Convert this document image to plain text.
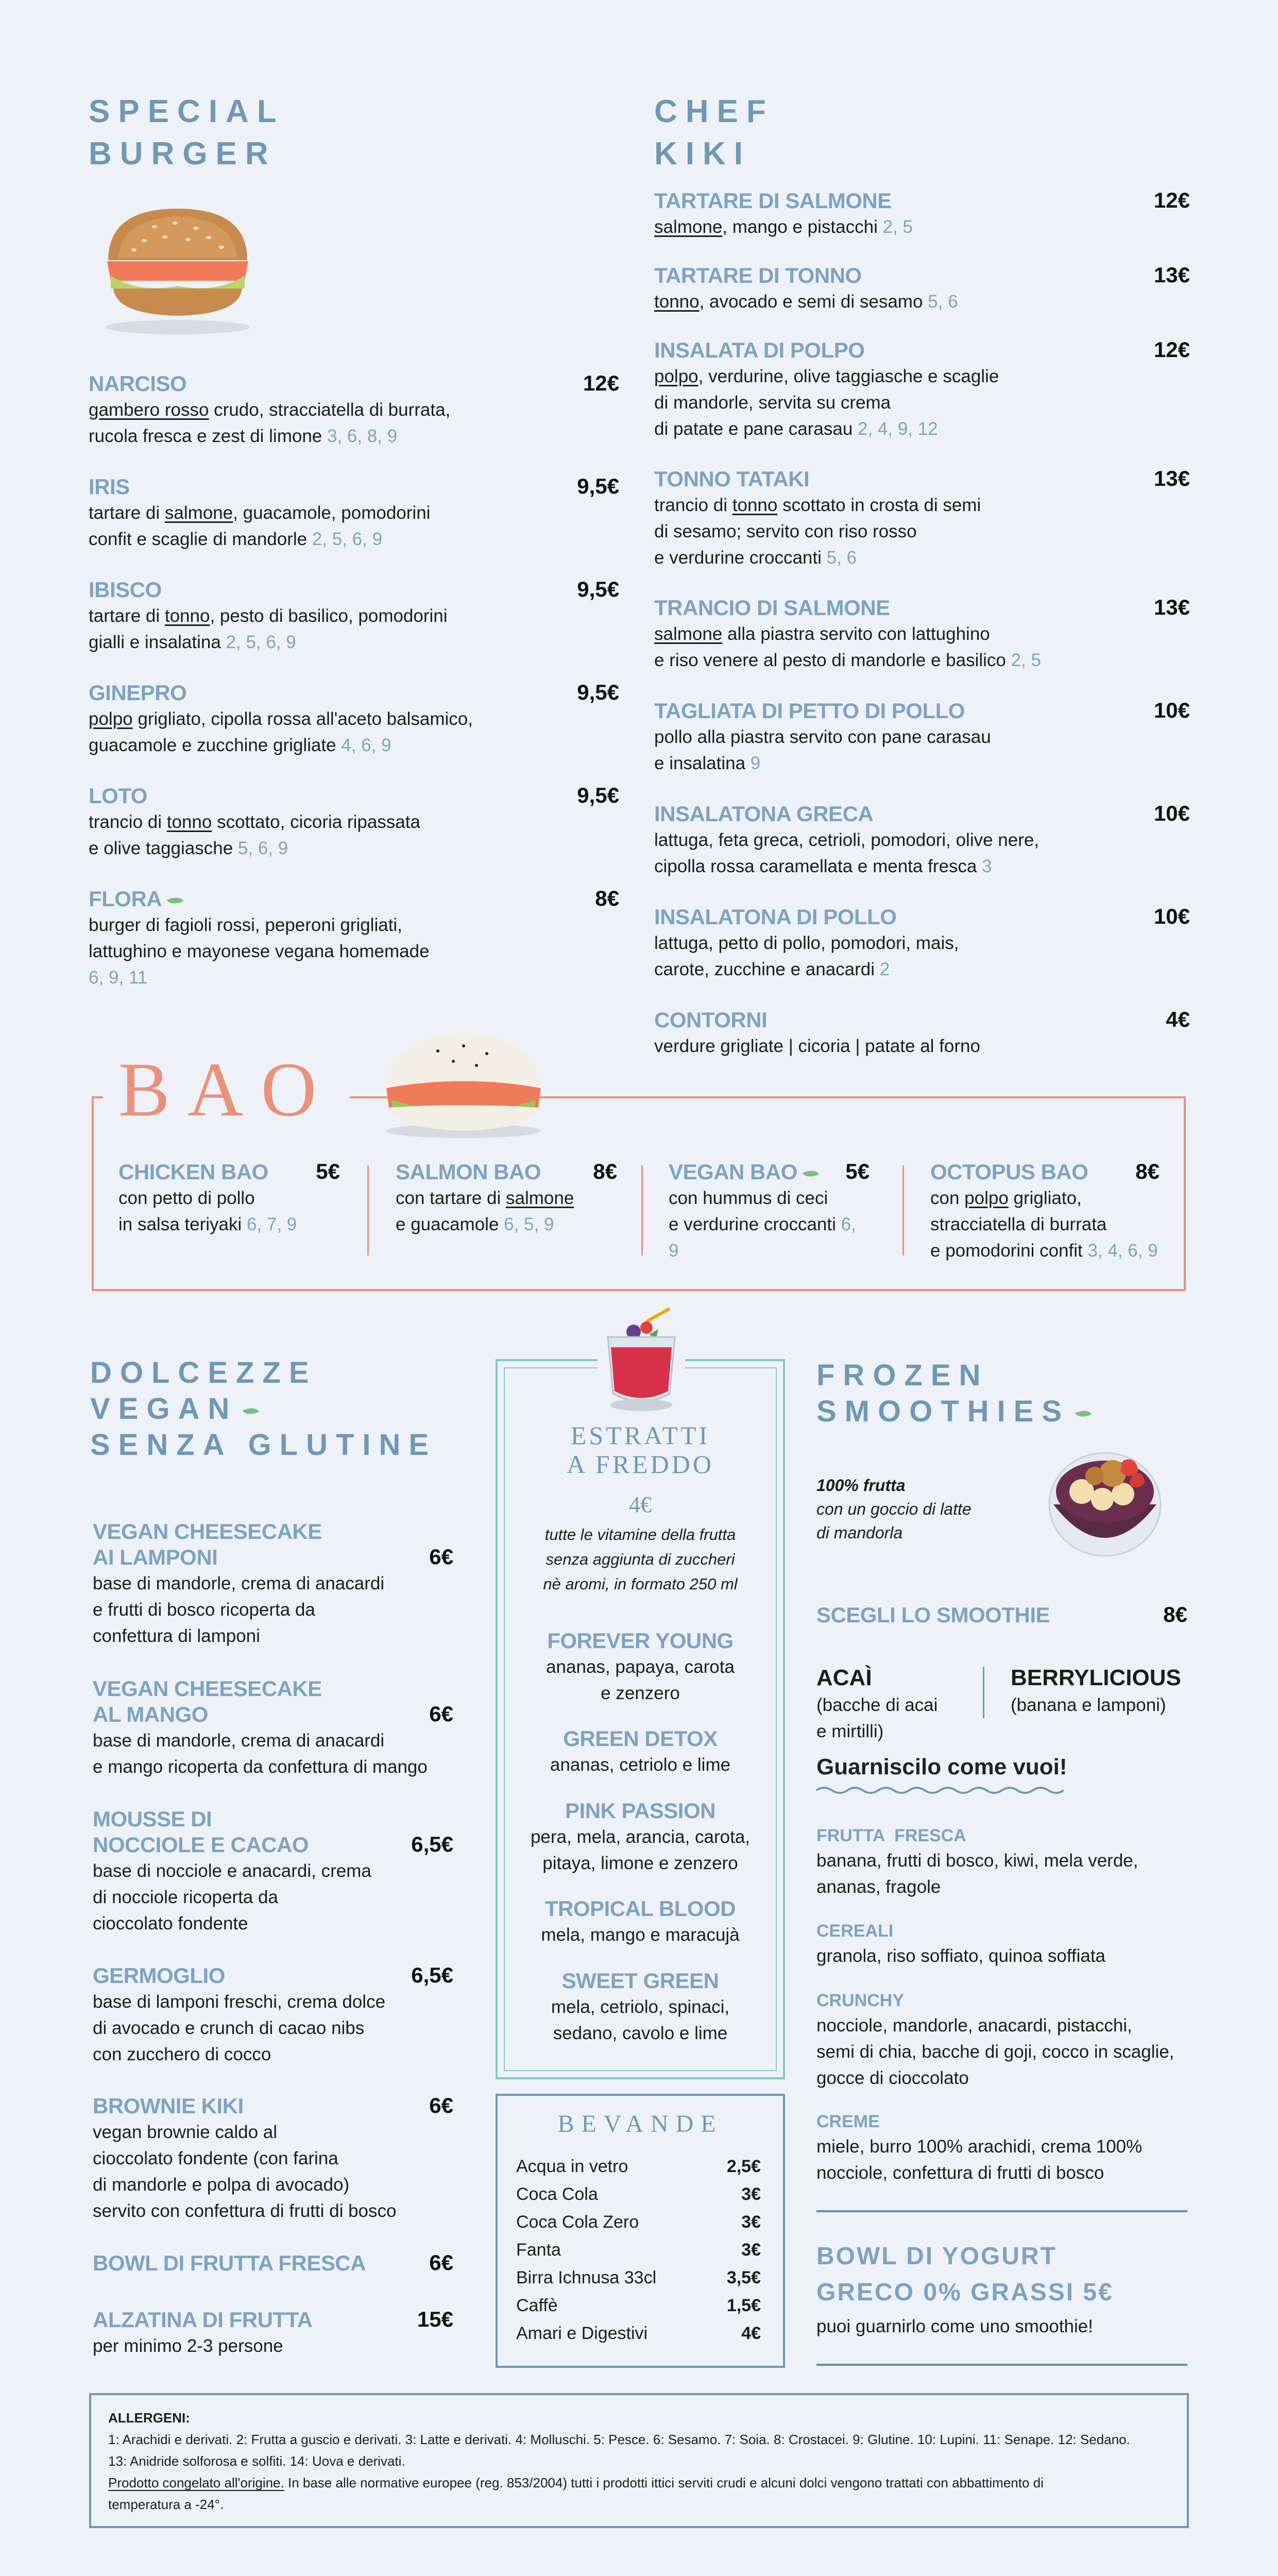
SPECIAL
BURGER
NARCISO	12€
gambero rosso crudo, stracciatella di burrata,
rucola fresca e zest di limone 3, 6, 8, 9
IRIS	9,5€
tartare di salmone, guacamole, pomodorini
confit e scaglie di mandorle 2, 5, 6, 9
IBISCO	9,5€
tartare di tonno, pesto di basilico, pomodorini
gialli e insalatina 2, 5, 6, 9
GINEPRO	9,5€
polpo grigliato, cipolla rossa all'aceto balsamico,
guacamole e zucchine grigliate 4, 6, 9
LOTO	9,5€
trancio di tonno scottato, cicoria ripassata
e olive taggiasche 5, 6, 9
FLORA	8€
burger di fagioli rossi, peperoni grigliati,
lattughino e mayonese vegana homemade
6, 9, 11
CHEF
KIKI
TARTARE DI SALMONE	12€
salmone, mango e pistacchi 2, 5
TARTARE DI TONNO	13€
tonno, avocado e semi di sesamo 5, 6
INSALATA DI POLPO	12€
polpo, verdurine, olive taggiasche e scaglie
di mandorle, servita su crema
di patate e pane carasau 2, 4, 9, 12
TONNO TATAKI	13€
trancio di tonno scottato in crosta di semi
di sesamo; servito con riso rosso
e verdurine croccanti 5, 6
TRANCIO DI SALMONE	13€
salmone alla piastra servito con lattughino
e riso venere al pesto di mandorle e basilico 2, 5
TAGLIATA DI PETTO DI POLLO	10€
pollo alla piastra servito con pane carasau
e insalatina 9
INSALATONA GRECA	10€
lattuga, feta greca, cetrioli, pomodori, olive nere,
cipolla rossa caramellata e menta fresca 3
INSALATONA DI POLLO	10€
lattuga, petto di pollo, pomodori, mais,
carote, zucchine e anacardi 2
CONTORNI	4€
verdure grigliate | cicoria | patate al forno
BAO
CHICKEN BAO	5€
con petto di pollo
in salsa teriyaki 6, 7, 9
SALMON BAO	8€
con tartare di salmone
e guacamole 6, 5, 9
VEGAN BAO	5€
con hummus di ceci
e verdurine croccanti 6, 9
OCTOPUS BAO	8€
con polpo grigliato,
stracciatella di burrata
e pomodorini confit 3, 4, 6, 9
DOLCEZZE
VEGAN
SENZA GLUTINE
VEGAN CHEESECAKE
AI LAMPONI	6€
base di mandorle, crema di anacardi
e frutti di bosco ricoperta da
confettura di lamponi
VEGAN CHEESECAKE
AL MANGO	6€
base di mandorle, crema di anacardi
e mango ricoperta da confettura di mango
MOUSSE DI
NOCCIOLE E CACAO	6,5€
base di nocciole e anacardi, crema
di nocciole ricoperta da
cioccolato fondente
GERMOGLIO	6,5€
base di lamponi freschi, crema dolce
di avocado e crunch di cacao nibs
con zucchero di cocco
BROWNIE KIKI	6€
vegan brownie caldo al
cioccolato fondente (con farina
di mandorle e polpa di avocado)
servito con confettura di frutti di bosco
BOWL DI FRUTTA FRESCA	6€
ALZATINA DI FRUTTA	15€
per minimo 2-3 persone
ESTRATTI
A FREDDO
4€
tutte le vitamine della frutta
senza aggiunta di zuccheri
nè aromi, in formato 250 ml
FOREVER YOUNG
ananas, papaya, carota
e zenzero
GREEN DETOX
ananas, cetriolo e lime
PINK PASSION
pera, mela, arancia, carota,
pitaya, limone e zenzero
TROPICAL BLOOD
mela, mango e maracujà
SWEET GREEN
mela, cetriolo, spinaci,
sedano, cavolo e lime
BEVANDE
Acqua in vetro	2,5€
Coca Cola	3€
Coca Cola Zero	3€
Fanta	3€
Birra Ichnusa 33cl	3,5€
Caffè	1,5€
Amari e Digestivi	4€
FROZEN
SMOOTHIES
100% frutta
con un goccio di latte
di mandorla
SCEGLI LO SMOOTHIE	8€
ACAÌ
(bacche di acai
e mirtilli)
BERRYLICIOUS
(banana e lamponi)
Guarniscilo come vuoi!
FRUTTA  FRESCA
banana, frutti di bosco, kiwi, mela verde,
ananas, fragole
CEREALI
granola, riso soffiato, quinoa soffiata
CRUNCHY
nocciole, mandorle, anacardi, pistacchi,
semi di chia, bacche di goji, cocco in scaglie,
gocce di cioccolato
CREME
miele, burro 100% arachidi, crema 100%
nocciole, confettura di frutti di bosco
BOWL DI YOGURT
GRECO 0% GRASSI 5€
puoi guarnirlo come uno smoothie!
ALLERGENI:
1: Arachidi e derivati. 2: Frutta a guscio e derivati. 3: Latte e derivati. 4: Molluschi. 5: Pesce. 6: Sesamo. 7: Soia. 8: Crostacei. 9: Glutine. 10: Lupini. 11: Senape. 12: Sedano.
13: Anidride solforosa e solfiti. 14: Uova e derivati.
Prodotto congelato all'origine. In base alle normative europee (reg. 853/2004) tutti i prodotti ittici serviti crudi e alcuni dolci vengono trattati con abbattimento di
temperatura a -24°.
